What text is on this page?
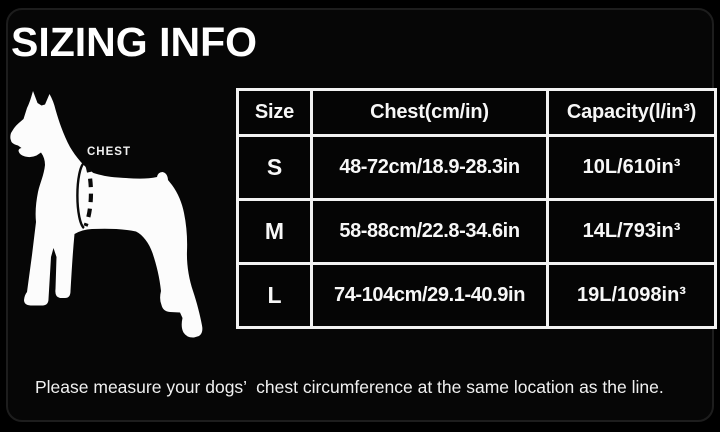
SIZING INFO
CHEST
Size	Chest(cm/in)	Capacity(l/in³)
S	48-72cm/18.9-28.3in	10L/610in³
M	58-88cm/22.8-34.6in	14L/793in³
L	74-104cm/29.1-40.9in	19L/1098in³

Please measure your dogs’  chest circumference at the same location as the line.
